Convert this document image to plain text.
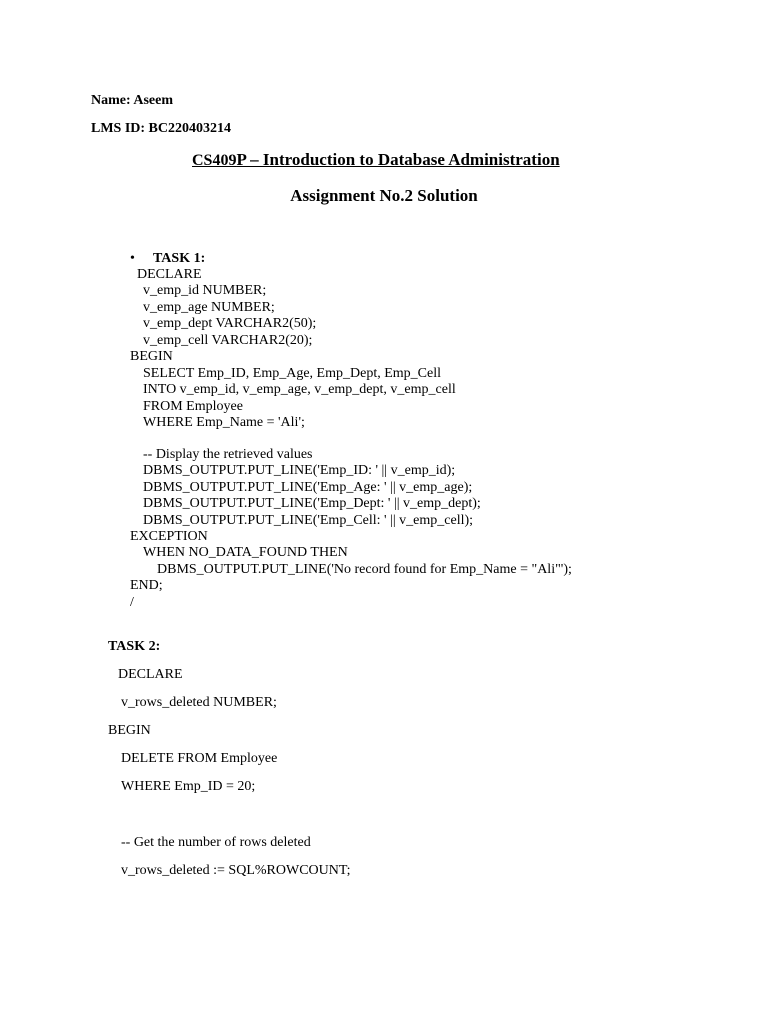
Name: Aseem
LMS ID: BC220403214
CS409P – Introduction to Database Administration
Assignment No.2 Solution
• TASK 1:
DECLARE
v_emp_id NUMBER;
v_emp_age NUMBER;
v_emp_dept VARCHAR2(50);
v_emp_cell VARCHAR2(20);
BEGIN
SELECT Emp_ID, Emp_Age, Emp_Dept, Emp_Cell
INTO v_emp_id, v_emp_age, v_emp_dept, v_emp_cell
FROM Employee
WHERE Emp_Name = 'Ali';
-- Display the retrieved values
DBMS_OUTPUT.PUT_LINE('Emp_ID: ' || v_emp_id);
DBMS_OUTPUT.PUT_LINE('Emp_Age: ' || v_emp_age);
DBMS_OUTPUT.PUT_LINE('Emp_Dept: ' || v_emp_dept);
DBMS_OUTPUT.PUT_LINE('Emp_Cell: ' || v_emp_cell);
EXCEPTION
WHEN NO_DATA_FOUND THEN
DBMS_OUTPUT.PUT_LINE('No record found for Emp_Name = "Ali"');
END;
/
TASK 2:
DECLARE
v_rows_deleted NUMBER;
BEGIN
DELETE FROM Employee
WHERE Emp_ID = 20;
-- Get the number of rows deleted
v_rows_deleted := SQL%ROWCOUNT;
